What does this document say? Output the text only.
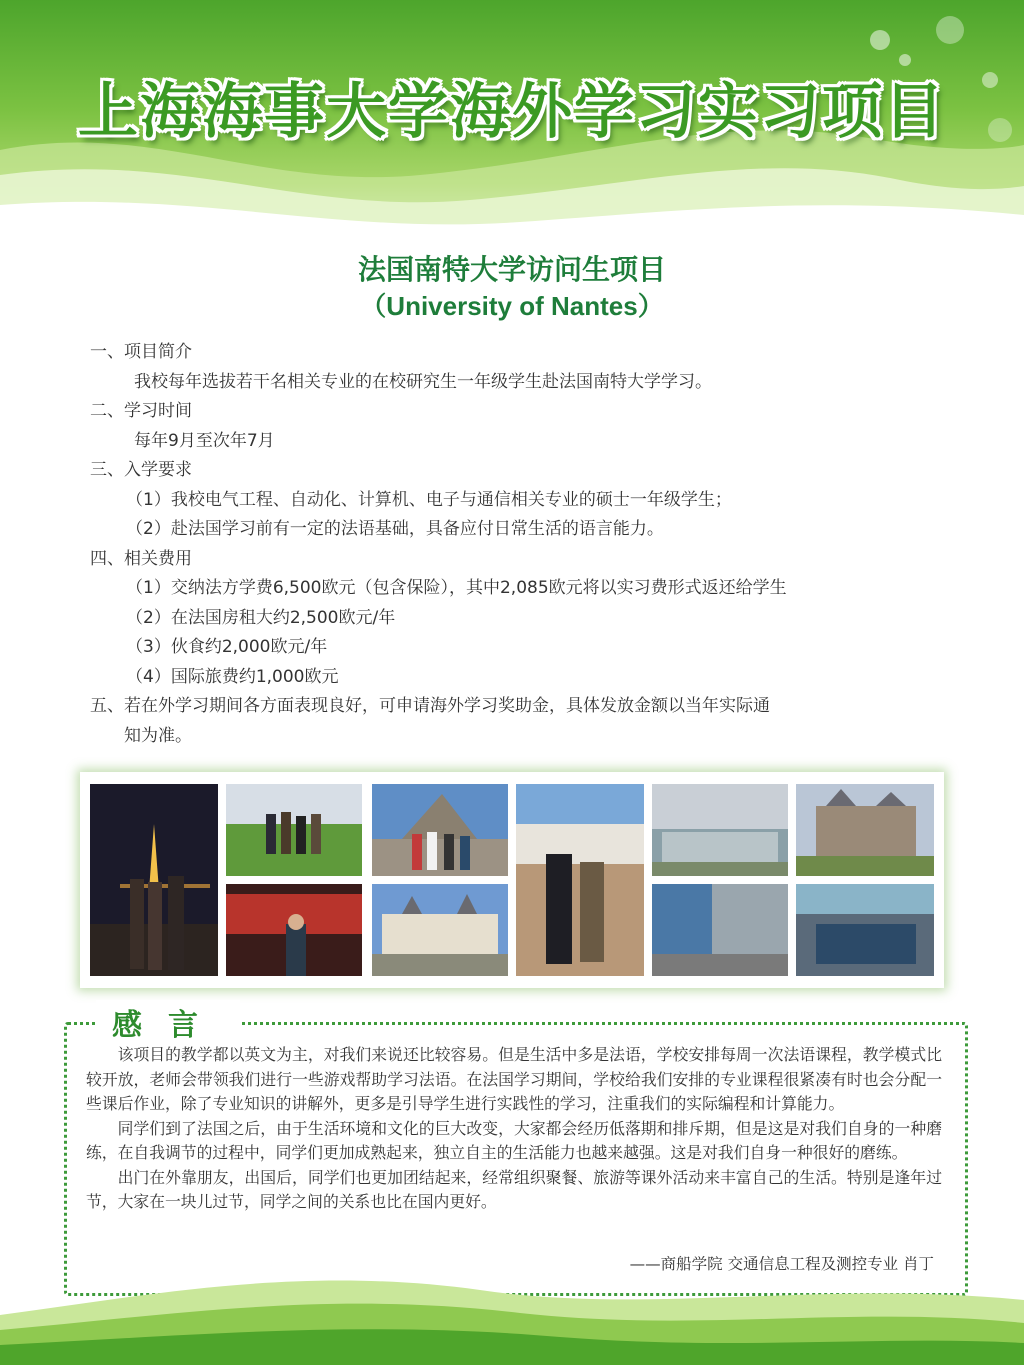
上海海事大学海外学习实习项目
法国南特大学访问生项目
（University of Nantes）
一、项目简介
我校每年选拔若干名相关专业的在校研究生一年级学生赴法国南特大学学习。
二、学习时间
每年9月至次年7月
三、入学要求
（1）我校电气工程、自动化、计算机、电子与通信相关专业的硕士一年级学生；
（2）赴法国学习前有一定的法语基础，具备应付日常生活的语言能力。
四、相关费用
（1）交纳法方学费6,500欧元（包含保险），其中2,085欧元将以实习费形式返还给学生
（2）在法国房租大约2,500欧元/年
（3）伙食约2,000欧元/年
（4）国际旅费约1,000欧元
五、若在外学习期间各方面表现良好，可申请海外学习奖助金，具体发放金额以当年实际通
知为准。
感言

该项目的教学都以英文为主，对我们来说还比较容易。但是生活中多是法语，学校安排每周一次法语课程，教学模式比较开放，老师会带领我们进行一些游戏帮助学习法语。在法国学习期间，学校给我们安排的专业课程很紧凑有时也会分配一些课后作业，除了专业知识的讲解外，更多是引导学生进行实践性的学习，注重我们的实际编程和计算能力。

同学们到了法国之后，由于生活环境和文化的巨大改变，大家都会经历低落期和排斥期，但是这是对我们自身的一种磨练，在自我调节的过程中，同学们更加成熟起来，独立自主的生活能力也越来越强。这是对我们自身一种很好的磨练。

出门在外靠朋友，出国后，同学们也更加团结起来，经常组织聚餐、旅游等课外活动来丰富自己的生活。特别是逢年过节，大家在一块儿过节，同学之间的关系也比在国内更好。

——商船学院 交通信息工程及测控专业 肖丁
